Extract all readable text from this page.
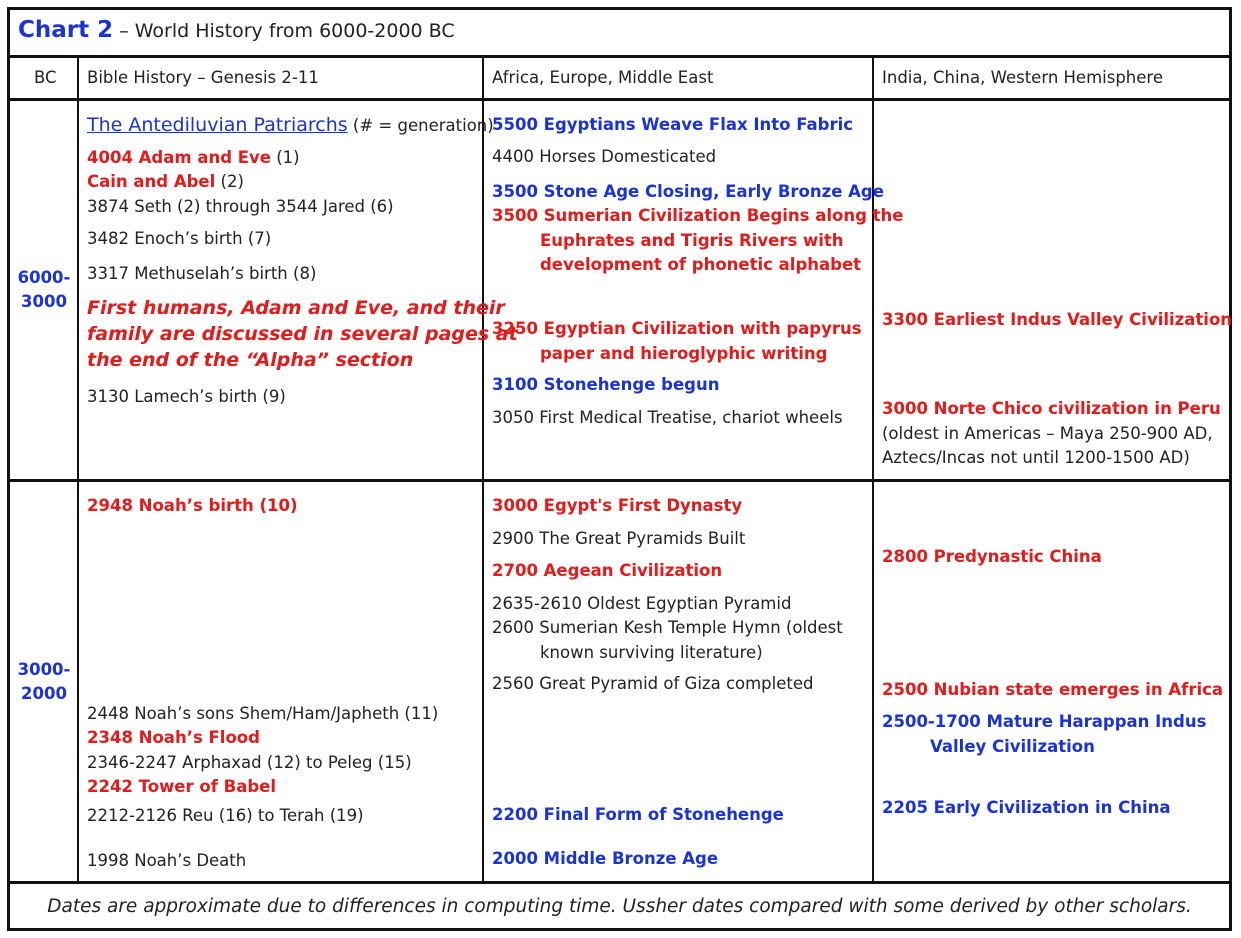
Chart 2 – World History from 6000-2000 BC
BC Bible History – Genesis 2-11	Africa, Europe, Middle East	India, China, Western Hemisphere
6000-
3000
3000-
2000
The Antediluvian Patriarchs (# = generation)
4004 Adam and Eve (1)
Cain and Abel (2)
3874 Seth (2) through 3544 Jared (6)
3482 Enoch’s birth (7)
3317 Methuselah’s birth (8)
First humans, Adam and Eve, and their
family are discussed in several pages at
the end of the “Alpha” section
3130 Lamech’s birth (9)
5500 Egyptians Weave Flax Into Fabric
4400 Horses Domesticated
3500 Stone Age Closing, Early Bronze Age
3500 Sumerian Civilization Begins along the
Euphrates and Tigris Rivers with
development of phonetic alphabet
3250 Egyptian Civilization with papyrus
paper and hieroglyphic writing
3100 Stonehenge begun
3050 First Medical Treatise, chariot wheels
3300 Earliest Indus Valley Civilization
3000 Norte Chico civilization in Peru
(oldest in Americas – Maya 250-900 AD,
Aztecs/Incas not until 1200-1500 AD)
2948 Noah’s birth (10)
2448 Noah’s sons Shem/Ham/Japheth (11)
2348 Noah’s Flood
2346-2247 Arphaxad (12) to Peleg (15)
2242 Tower of Babel
2212-2126 Reu (16) to Terah (19)
1998 Noah’s Death
3000 Egypt's First Dynasty
2900 The Great Pyramids Built
2700 Aegean Civilization
2635-2610 Oldest Egyptian Pyramid
2600 Sumerian Kesh Temple Hymn (oldest
known surviving literature)
2560 Great Pyramid of Giza completed
2200 Final Form of Stonehenge
2000 Middle Bronze Age
2800 Predynastic China
2500 Nubian state emerges in Africa
2500-1700 Mature Harappan Indus
Valley Civilization
2205 Early Civilization in China
Dates are approximate due to differences in computing time. Ussher dates compared with some derived by other scholars.
